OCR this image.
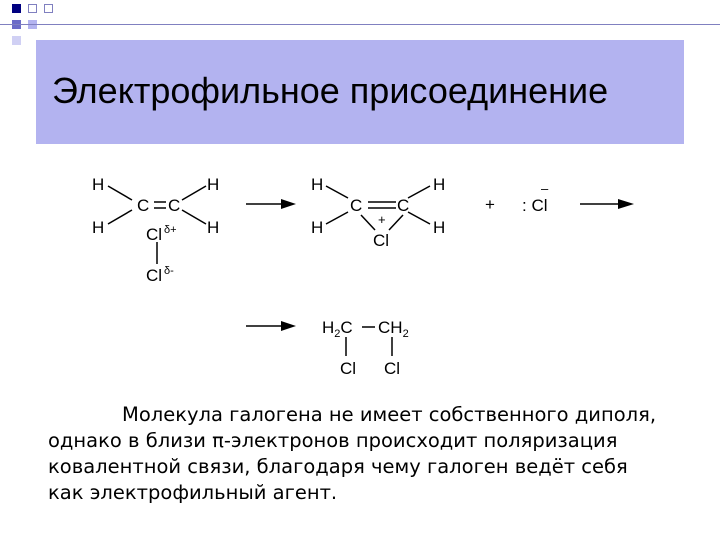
Электрофильное присоединение
H
H
C C
H
H
Cl δ+
Cl δ-
H
H
C C
H
H
+
Cl
+ : Cl
–
$H_2C$ $CH_2$
Cl Cl

Молекула галогена не имеет собственного диполя,

однако в близи π-электронов происходит поляризация

ковалентной связи, благодаря чему галоген ведёт себя

как электрофильный агент.
